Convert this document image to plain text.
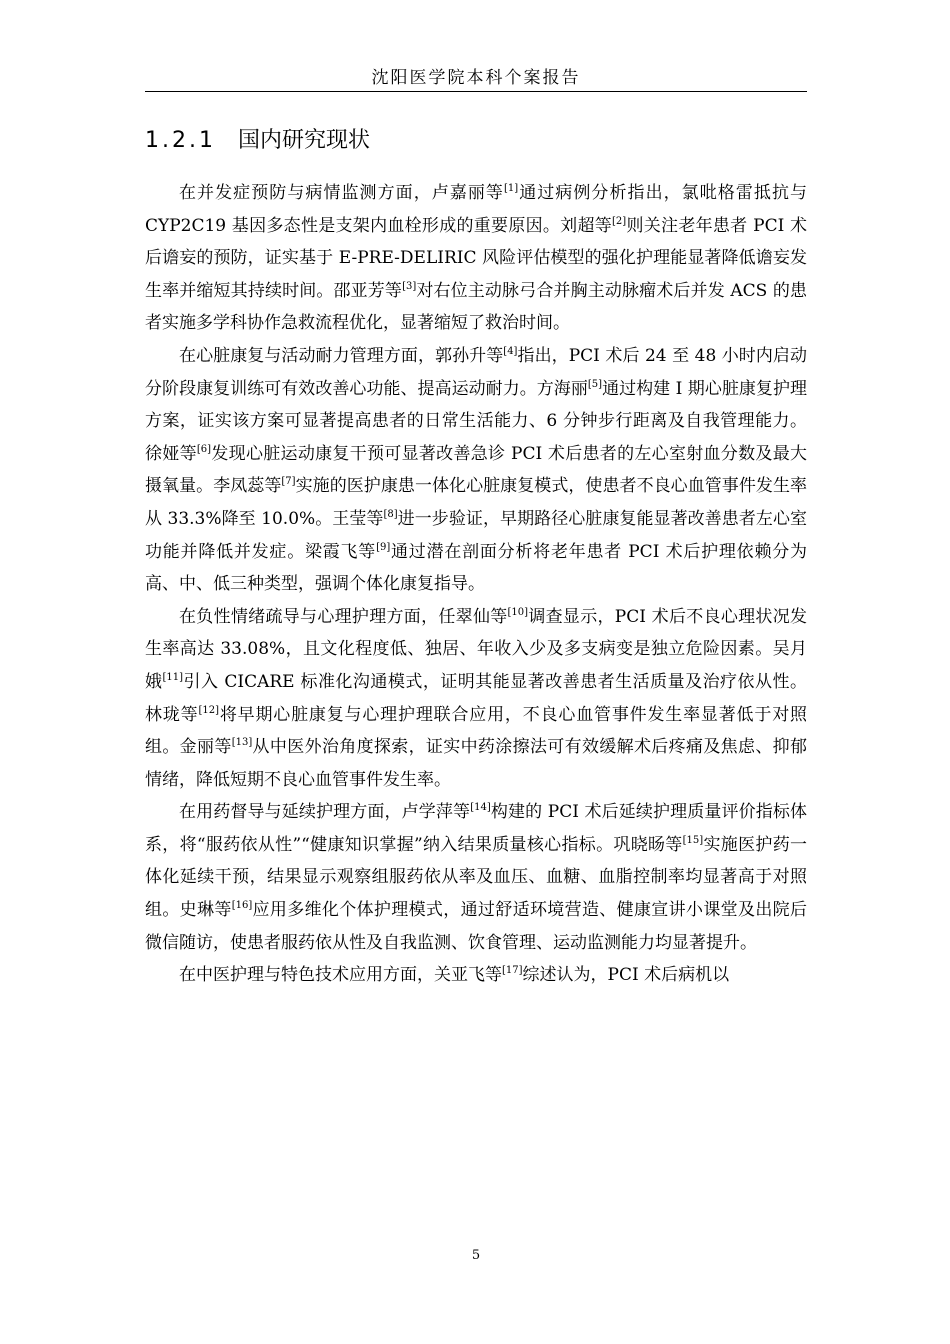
沈阳医学院本科个案报告
1.2.1 国内研究现状

在并发症预防与病情监测方面，卢嘉丽等[1]通过病例分析指出，氯吡格雷抵抗与 CYP2C19 基因多态性是支架内血栓形成的重要原因。刘超等[2]则关注老年患者 PCI 术后谵妄的预防，证实基于 E-PRE-DELIRIC 风险评估模型的强化护理能显著降低谵妄发生率并缩短其持续时间。邵亚芳等[3]对右位主动脉弓合并胸主动脉瘤术后并发 ACS 的患者实施多学科协作急救流程优化，显著缩短了救治时间。

在心脏康复与活动耐力管理方面，郭孙升等[4]指出，PCI 术后 24 至 48 小时内启动分阶段康复训练可有效改善心功能、提高运动耐力。方海丽[5]通过构建 I 期心脏康复护理方案，证实该方案可显著提高患者的日常生活能力、6 分钟步行距离及自我管理能力。徐娅等[6]发现心脏运动康复干预可显著改善急诊 PCI 术后患者的左心室射血分数及最大摄氧量。李凤蕊等[7]实施的医护康患一体化心脏康复模式，使患者不良心血管事件发生率从 33.3%降至 10.0%。王莹等[8]进一步验证，早期路径心脏康复能显著改善患者左心室功能并降低并发症。梁霞飞等[9]通过潜在剖面分析将老年患者 PCI 术后护理依赖分为高、中、低三种类型，强调个体化康复指导。

在负性情绪疏导与心理护理方面，任翠仙等[10]调查显示，PCI 术后不良心理状况发生率高达 33.08%，且文化程度低、独居、年收入少及多支病变是独立危险因素。吴月娥[11]引入 CICARE 标准化沟通模式，证明其能显著改善患者生活质量及治疗依从性。林珑等[12]将早期心脏康复与心理护理联合应用，不良心血管事件发生率显著低于对照组。金丽等[13]从中医外治角度探索，证实中药涂擦法可有效缓解术后疼痛及焦虑、抑郁情绪，降低短期不良心血管事件发生率。

在用药督导与延续护理方面，卢学萍等[14]构建的 PCI 术后延续护理质量评价指标体系，将“服药依从性”“健康知识掌握”纳入结果质量核心指标。巩晓旸等[15]实施医护药一体化延续干预，结果显示观察组服药依从率及血压、血糖、血脂控制率均显著高于对照组。史琳等[16]应用多维化个体护理模式，通过舒适环境营造、健康宣讲小课堂及出院后微信随访，使患者服药依从性及自我监测、饮食管理、运动监测能力均显著提升。

在中医护理与特色技术应用方面，关亚飞等[17]综述认为，PCI 术后病机以

5
